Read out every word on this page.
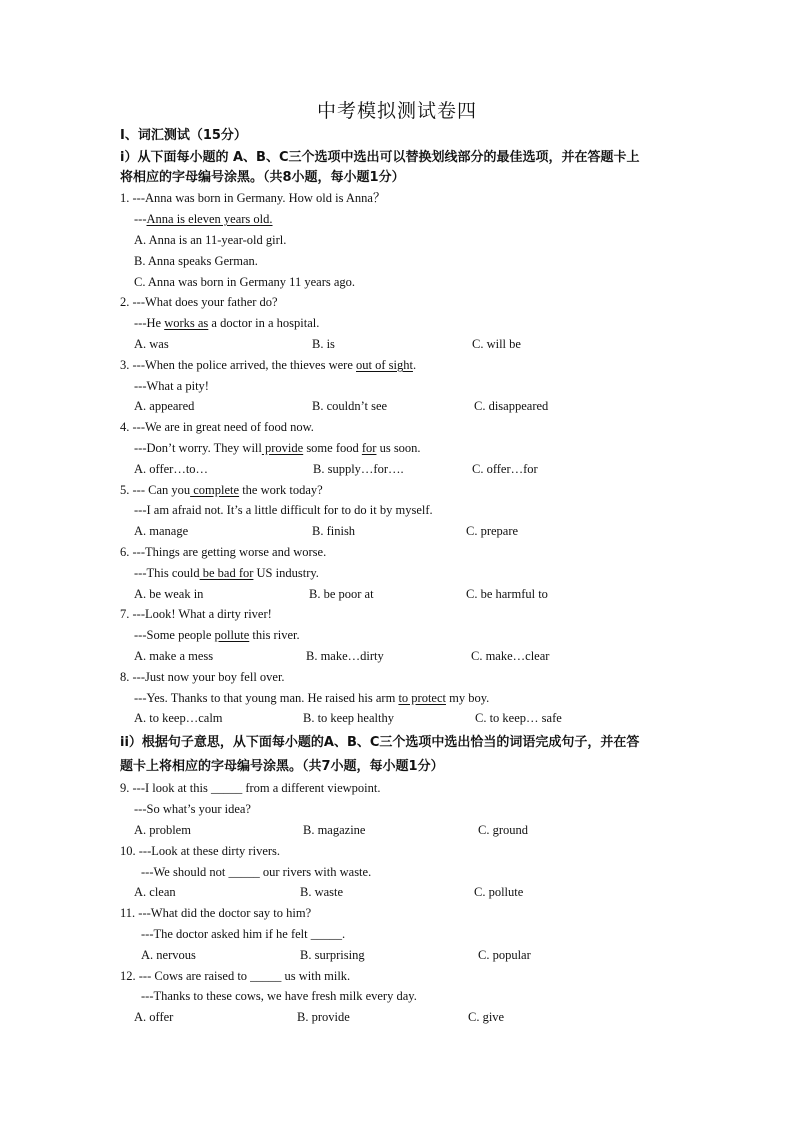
中考模拟测试卷四
I、词汇测试（15分）
i）从下面每小题的 A、B、C三个选项中选出可以替换划线部分的最佳选项，并在答题卡上
将相应的字母编号涂黑。（共8小题，每小题1分）
1. ---Anna was born in Germany. How old is Anna？
---Anna is eleven years old.
A. Anna is an 11-year-old girl.
B. Anna speaks German.
C. Anna was born in Germany 11 years ago.
2. ---What does your father do?
---He works as a doctor in a hospital.
A. was	B. is	C. will be
3. ---When the police arrived, the thieves were out of sight.
---What a pity!
A. appeared	B. couldn’t see	C. disappeared
4. ---We are in great need of food now.
---Don’t worry. They will provide some food for us soon.
A. offer…to…	B. supply…for….	C. offer…for
5. --- Can you complete the work today?
---I am afraid not. It’s a little difficult for to do it by myself.
A. manage	B. finish	C. prepare
6. ---Things are getting worse and worse.
---This could be bad for US industry.
A. be weak in	B. be poor at	C. be harmful to
7. ---Look! What a dirty river!
---Some people pollute this river.
A. make a mess	B. make…dirty	C. make…clear
8. ---Just now your boy fell over.
---Yes. Thanks to that young man. He raised his arm to protect my boy.
A. to keep…calm	B. to keep healthy	C. to keep… safe
ii）根据句子意思，从下面每小题的A、B、C三个选项中选出恰当的词语完成句子，并在答
题卡上将相应的字母编号涂黑。（共7小题，每小题1分）
9. ---I look at this _____ from a different viewpoint.
---So what’s your idea?
A. problem	B. magazine	C. ground
10. ---Look at these dirty rivers.
---We should not _____ our rivers with waste.
A. clean	B. waste	C. pollute
11. ---What did the doctor say to him?
---The doctor asked him if he felt _____.
A. nervous	B. surprising	C. popular
12. --- Cows are raised to _____ us with milk.
---Thanks to these cows, we have fresh milk every day.
A. offer	B. provide	C. give
